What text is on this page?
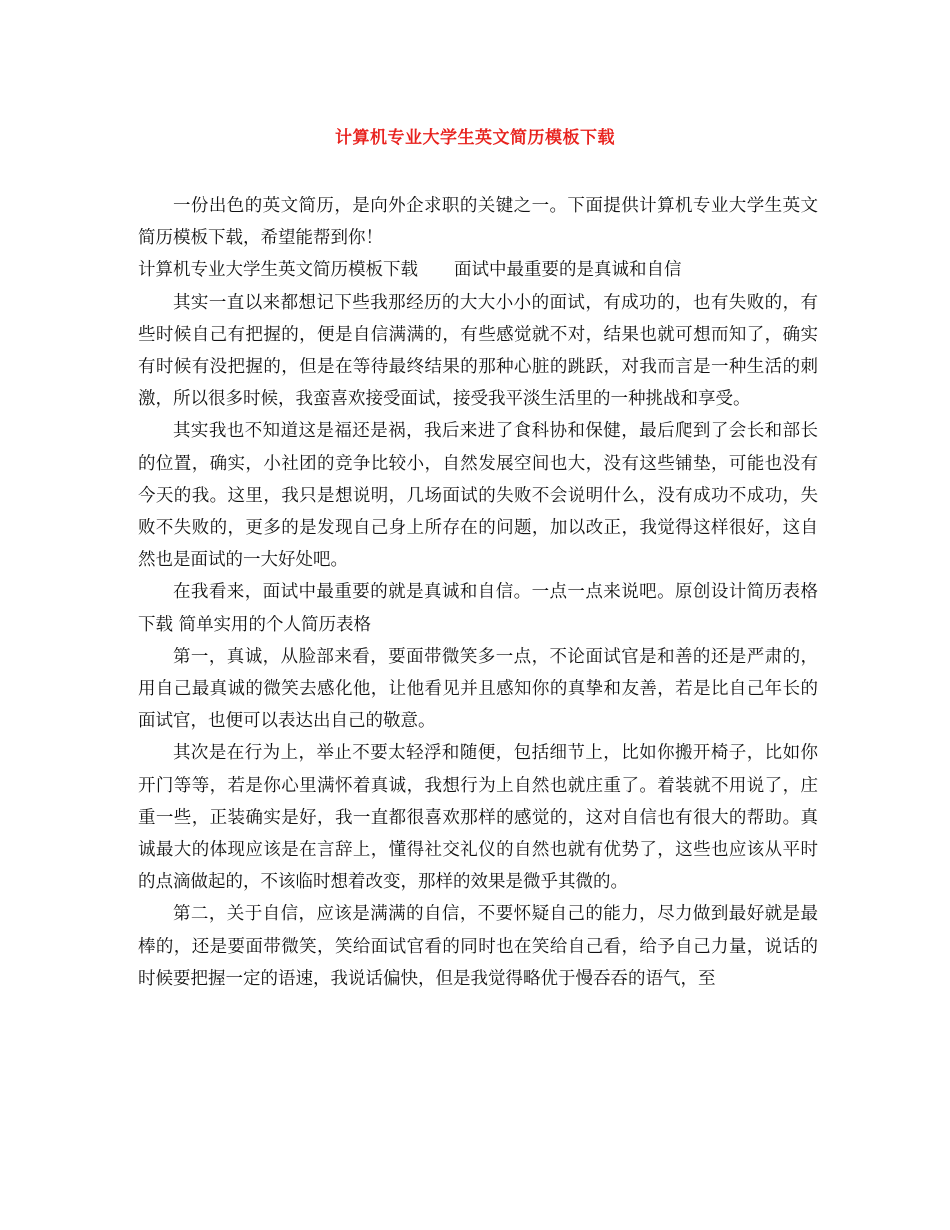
计算机专业大学生英文简历模板下载

一份出色的英文简历，是向外企求职的关键之一。下面提供计算机专业大学生英文简历模板下载，希望能帮到你！

计算机专业大学生英文简历模板下载 面试中最重要的是真诚和自信

其实一直以来都想记下些我那经历的大大小小的面试，有成功的，也有失败的，有些时候自己有把握的，便是自信满满的，有些感觉就不对，结果也就可想而知了，确实有时候有没把握的，但是在等待最终结果的那种心脏的跳跃，对我而言是一种生活的刺激，所以很多时候，我蛮喜欢接受面试，接受我平淡生活里的一种挑战和享受。

其实我也不知道这是福还是祸，我后来进了食科协和保健，最后爬到了会长和部长的位置，确实，小社团的竞争比较小，自然发展空间也大，没有这些铺垫，可能也没有今天的我。这里，我只是想说明，几场面试的失败不会说明什么，没有成功不成功，失败不失败的，更多的是发现自己身上所存在的问题，加以改正，我觉得这样很好，这自然也是面试的一大好处吧。

在我看来，面试中最重要的就是真诚和自信。一点一点来说吧。原创设计简历表格下载 简单实用的个人简历表格

第一，真诚，从脸部来看，要面带微笑多一点，不论面试官是和善的还是严肃的，用自己最真诚的微笑去感化他，让他看见并且感知你的真挚和友善，若是比自己年长的面试官，也便可以表达出自己的敬意。

其次是在行为上，举止不要太轻浮和随便，包括细节上，比如你搬开椅子，比如你开门等等，若是你心里满怀着真诚，我想行为上自然也就庄重了。着装就不用说了，庄重一些，正装确实是好，我一直都很喜欢那样的感觉的，这对自信也有很大的帮助。真诚最大的体现应该是在言辞上，懂得社交礼仪的自然也就有优势了，这些也应该从平时的点滴做起的，不该临时想着改变，那样的效果是微乎其微的。

第二，关于自信，应该是满满的自信，不要怀疑自己的能力，尽力做到最好就是最棒的，还是要面带微笑，笑给面试官看的同时也在笑给自己看，给予自己力量，说话的时候要把握一定的语速，我说话偏快，但是我觉得略优于慢吞吞的语气，至
